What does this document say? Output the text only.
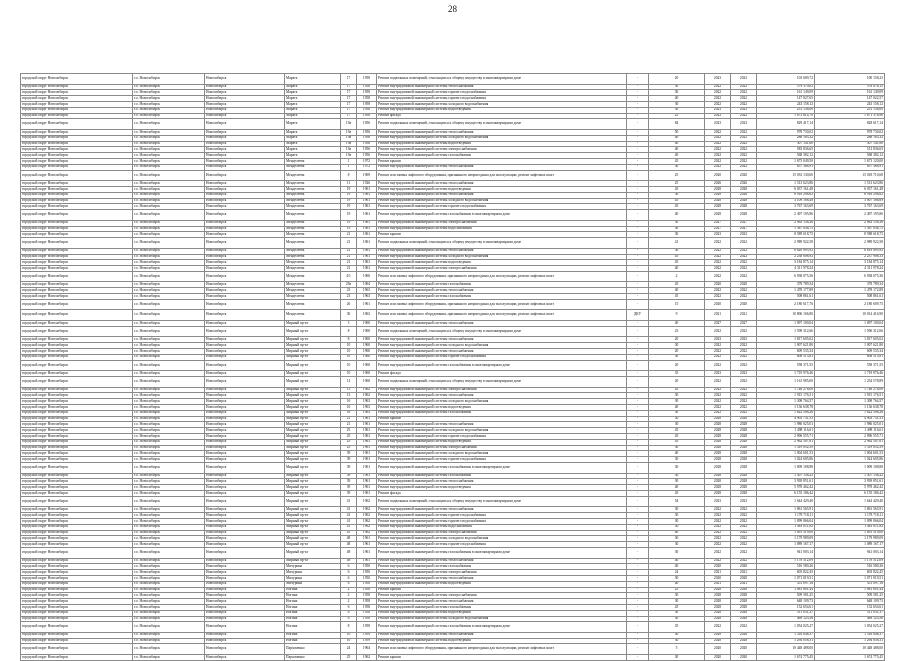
28
городской округ Новосибирск	г.о. Новосибирск	Новосибирск	Марата	17	1958	Ремонт подвальных помещений, относящихся к общему имуществу в многоквартирном доме	-	20	2023	2023	103 609,72	100 158,23
городской округ Новосибирск	г.о. Новосибирск	Новосибирск	Марата	17	1958	Ремонт внутридомовой инженерной системы теплоснабжения	-	30	2022	2022	579 370,02	578 078,15
городской округ Новосибирск	г.о. Новосибирск	Новосибирск	Марата	17	1958	Ремонт внутридомовой инженерной системы горячего водоснабжения	-	30	2022	2022	161 149,09	161 149,09
городской округ Новосибирск	г.о. Новосибирск	Новосибирск	Марата	17	1958	Ремонт внутридомовой инженерной системы горячего водоснабжения	-	40	2022	2022	147 027,65	147 022,57
городской округ Новосибирск	г.о. Новосибирск	Новосибирск	Марата	17	1958	Ремонт внутридомовой инженерной системы холодного водоснабжения	-	30	2022	2022	243 158,12	243 158,12
городской округ Новосибирск	г.о. Новосибирск	Новосибирск	Марата	17	1958	Ремонт внутридомовой инженерной системы водоотведения	-	30	2023	2023	231 136,00	231 136,00
городской округ Новосибирск	г.о. Новосибирск	Новосибирск	Марата	17	1958	Ремонт фасада	-	25	2022	2022	1 673 614,70	1 671 378,90
городской округ Новосибирск	г.о. Новосибирск	Новосибирск	Марата	19а	1956	Ремонт подвальных помещений, относящихся к общему имуществу в многоквартирном доме	-	84	2023	2023	829 417,14	828 617,14
городской округ Новосибирск	г.о. Новосибирск	Новосибирск	Марата	19а	1956	Ремонт внутридомовой инженерной системы теплоснабжения	-	50	2022	2022	978 730,02	978 730,02
городской округ Новосибирск	г.о. Новосибирск	Новосибирск	Марата	19а	1956	Ремонт внутридомовой инженерной системы холодного водоснабжения	-	40	2022	2022	288 183,32	288 183,32
городской округ Новосибирск	г.о. Новосибирск	Новосибирск	Марата	19а	1956	Ремонт внутридомовой инженерной системы водоотведения	-	40	2022	2022	307 141,80	307 141,80
городской округ Новосибирск	г.о. Новосибирск	Новосибирск	Марата	19а	1956	Ремонт внутридомовой инженерной системы электроснабжения	-	40	2022	2022	583 836,65	513 836,65
городской округ Новосибирск	г.о. Новосибирск	Новосибирск	Марата	19а	1956	Ремонт внутридомовой инженерной системы газоснабжения	-	40	2022	2022	568 382,12	568 382,12
городской округ Новосибирск	г.о. Новосибирск	Новосибирск	Менделеева	1	1972	Ремонт крыши	-	45	2022	2022	1 675 049,50	1 673 120,00
городской округ Новосибирск	г.о. Новосибирск	Новосибирск	Менделеева	1	1972	Ремонт внутридомовой инженерной системы теплоснабжения	-	30	2022	2022	857 368,91	857 368,91
городской округ Новосибирск	г.о. Новосибирск	Новосибирск	Менделеева	8	1969	Ремонт или замена лифтового оборудования, признанного непригодным для эксплуатации, ремонт лифтовых шахт	-	25	2020	2020	15 033 130,60	15 018 710,68
городской округ Новосибирск	г.о. Новосибирск	Новосибирск	Менделеева	11	1926	Ремонт внутридомовой инженерной системы теплоснабжения	-	25	2026	2026	1 513 623,86	1 513 623,86
городской округ Новосибирск	г.о. Новосибирск	Новосибирск	Менделеева	19	1961	Ремонт внутридомовой инженерной системы водоотведения	-	45	2028	2028	6 037 161,48	6 037 161,48
городской округ Новосибирск	г.о. Новосибирск	Новосибирск	Менделеева	19	1961	Ремонт внутридомовой инженерной системы теплоснабжения	-	30	2028	2028	6 918 298,62	6 918 298,62
городской округ Новосибирск	г.о. Новосибирск	Новосибирск	Менделеева	19	1961	Ремонт внутридомовой инженерной системы холодного водоснабжения	-	45	2028	2028	3 109 166,48	3 007 166,69
городской округ Новосибирск	г.о. Новосибирск	Новосибирск	Менделеева	19	1961	Ремонт внутридомовой инженерной системы горячего водоснабжения	-	45	2028	2028	3 767 163,69	3 767 163,69
городской округ Новосибирск	г.о. Новосибирск	Новосибирск	Менделеева	19	1961	Ремонт внутридомовой инженерной системы газоснабжения в многоквартирном доме	-	40	2028	2028	2 497 195,86	2 497 195,86
городской округ Новосибирск	г.о. Новосибирск	Новосибирск	Менделеева	19	1961	Ремонт внутридомовой инженерной системы электроснабжения	-	30	2027	2027	2 063 156,36	2 063 156,36
городской округ Новосибирск	г.о. Новосибирск	Новосибирск	Менделеева	19	1961	Ремонт внутридомовой инженерной системы водоснабжения	-	30	2027	2027	1 387 036,75	1 387 036,75
городской округ Новосибирск	г.о. Новосибирск	Новосибирск	Менделеева	21	1961	Ремонт крыши	-	30	2023	2023	8 589 618,75	8 588 618,75
городской округ Новосибирск	г.о. Новосибирск	Новосибирск	Менделеева	21	1961	Ремонт подвальных помещений, относящихся к общему имуществу в многоквартирном доме	-	41	2022	2022	2 989 922,58	2 989 922,58
городской округ Новосибирск	г.о. Новосибирск	Новосибирск	Менделеева	21	1961	Ремонт внутридомовой инженерной системы теплоснабжения	-	30	2022	2022	6 620 895,92	6 619 895,92
городской округ Новосибирск	г.о. Новосибирск	Новосибирск	Менделеева	21	1961	Ремонт внутридомовой инженерной системы холодного водоснабжения	-	45	2022	2022	2 238 008,92	2 237 908,33
городской округ Новосибирск	г.о. Новосибирск	Новосибирск	Менделеева	21	1961	Ремонт внутридомовой инженерной системы водоотведения	-	45	2022	2022	3 184 875,14	3 184 875,14
городской округ Новосибирск	г.о. Новосибирск	Новосибирск	Менделеева	21	1961	Ремонт внутридомовой инженерной системы электроснабжения	-	40	2022	2022	4 311 978,24	4 311 978,24
городской округ Новосибирск	г.о. Новосибирск	Новосибирск	Менделеева	4/1	1960	Ремонт или замена лифтового оборудования, признанного непригодным для эксплуатации, ремонт лифтовых шахт	-	2	2022	2022	6 938 075,36	6 938 075,36
городской округ Новосибирск	г.о. Новосибирск	Новосибирск	Менделеева	29а	1964	Ремонт внутридомовой инженерной системы газоснабжения	-	45	2020	2020	378 789,34	378 789,34
городской округ Новосибирск	г.о. Новосибирск	Новосибирск	Менделеева	23	1963	Ремонт внутридомовой инженерной системы теплоснабжения	-	40	2022	2022	1 478 177,89	1 478 172,89
городской округ Новосибирск	г.о. Новосибирск	Новосибирск	Менделеева	23	1963	Ремонт внутридомовой инженерной системы газоснабжения	-	45	2022	2022	508 861,61	508 861,61
городской округ Новосибирск	г.о. Новосибирск	Новосибирск	Менделеева	26	1961	Ремонт или замена лифтового оборудования, признанного непригодным для эксплуатации, ремонт лифтовых шахт	-	15	2020	2020	2 180 617,76	2 180 609,75
городской округ Новосибирск	г.о. Новосибирск	Новосибирск	Менделеева	30	1963	Ремонт или замена лифтового оборудования, признанного непригодным для эксплуатации, ремонт лифтовых шахт	ДКУ	9	2021	2021	10 806 106,80	10 014 416,90
городской округ Новосибирск	г.о. Новосибирск	Новосибирск	Мирный пр-кт	3	1960	Ремонт внутридомовой инженерной системы теплоснабжения	-	40	2027	2027	1 097 100,04	1 097 100,04
городской округ Новосибирск	г.о. Новосибирск	Новосибирск	Мирный пр-кт	8	1960	Ремонт подвальных помещений, относящихся к общему имуществу в многоквартирном доме	-	23	2022	2022	1 598 312,66	1 596 312,66
городской округ Новосибирск	г.о. Новосибирск	Новосибирск	Мирный пр-кт	8	1960	Ремонт внутридомовой инженерной системы теплоснабжения	-	20	2023	2023	1 817 605,02	1 817 605,02
городской округ Новосибирск	г.о. Новосибирск	Новосибирск	Мирный пр-кт	10	1960	Ремонт внутридомовой инженерной системы холодного водоснабжения	-	30	2022	2022	1 007 621,80	1 007 621,80
городской округ Новосибирск	г.о. Новосибирск	Новосибирск	Мирный пр-кт	10	1960	Ремонт внутридомовой инженерной системы теплоснабжения	-	20	2022	2022	609 535,34	609 535,34
городской округ Новосибирск	г.о. Новосибирск	Новосибирск	Мирный пр-кт	10	1960	Ремонт внутридомовой инженерной системы горячего водоснабжения	-	30	2022	2022	608 515,81	608 515,81
городской округ Новосибирск	г.о. Новосибирск	Новосибирск	Мирный пр-кт	10	1960	Ремонт внутридомовой инженерной системы газоснабжения в многоквартирном доме	-	20	2022	2022	558 371,55	558 371,55
городской округ Новосибирск	г.о. Новосибирск	Новосибирск	Мирный пр-кт	10	1960	Ремонт фасада	-	35	2023	2023	1 719 976,46	1 719 976,46
городской округ Новосибирск	г.о. Новосибирск	Новосибирск	Мирный пр-кт	12	1960	Ремонт подвальных помещений, относящихся к общему имуществу в многоквартирном доме	-	20	2022	2022	1 161 985,00	1 254 578,89
городской округ Новосибирск	г.о. Новосибирск	Новосибирск	Мирный пр-кт	13	1962	Ремонт внутридомовой инженерной системы электроснабжения	-	45	2022	2022	1 748 276,00	1 748 276,00
городской округ Новосибирск	г.о. Новосибирск	Новосибирск	Мирный пр-кт	13	1962	Ремонт внутридомовой инженерной системы теплоснабжения	-	30	2022	2022	1 915 176,51	1 915 176,51
городской округ Новосибирск	г.о. Новосибирск	Новосибирск	Мирный пр-кт	16	1963	Ремонт внутридомовой инженерной системы холодного водоснабжения	-	30	2022	2022	1 308 764,57	1 308 764,57
городской округ Новосибирск	г.о. Новосибирск	Новосибирск	Мирный пр-кт	16	1963	Ремонт внутридомовой инженерной системы водоотведения	-	40	2022	2022	1 136 638,78	1 136 638,78
городской округ Новосибирск	г.о. Новосибирск	Новосибирск	Мирный пр-кт	16	1963	Ремонт внутридомовой инженерной системы газоснабжения	-	30	2022	2022	1 622 506,26	1 622 506,26
городской округ Новосибирск	г.о. Новосибирск	Новосибирск	Мирный пр-кт	21	1961	Ремонт крыши	-	30	2028	2028	4 903 731,53	4 903 731,53
городской округ Новосибирск	г.о. Новосибирск	Новосибирск	Мирный пр-кт	21	1961	Ремонт внутридомовой инженерной системы теплоснабжения	-	30	2028	2028	1 986 025,01	1 986 025,01
городской округ Новосибирск	г.о. Новосибирск	Новосибирск	Мирный пр-кт	25	1961	Ремонт внутридомовой инженерной системы холодного водоснабжения	-	45	2028	2028	1 498 116,61	1 498 116,61
городской округ Новосибирск	г.о. Новосибирск	Новосибирск	Мирный пр-кт	25	1961	Ремонт внутридомовой инженерной системы горячего водоснабжения	-	45	2028	2028	2 096 555,71	2 096 555,71
городской округ Новосибирск	г.о. Новосибирск	Новосибирск	Мирный пр-кт	25	1961	Ремонт внутридомовой инженерной системы водоотведения	-	45	2028	2028	2 962 507,61	2 962 507,61
городской округ Новосибирск	г.о. Новосибирск	Новосибирск	Мирный пр-кт	25	1961	Ремонт внутридомовой инженерной системы электроснабжения	-	30	2028	2028	1 319 052,59	1 319 052,59
городской округ Новосибирск	г.о. Новосибирск	Новосибирск	Мирный пр-кт	39	1961	Ремонт внутридомовой инженерной системы холодного водоснабжения	-	40	2028	2028	1 004 601,53	1 004 601,53
городской округ Новосибирск	г.о. Новосибирск	Новосибирск	Мирный пр-кт	39	1961	Ремонт внутридомовой инженерной системы горячего водоснабжения	-	30	2028	2028	1 024 605,86	1 024 605,86
городской округ Новосибирск	г.о. Новосибирск	Новосибирск	Мирный пр-кт	39	1961	Ремонт внутридомовой инженерной системы газоснабжения в многоквартирном доме	-	30	2028	2028	1 009 108,88	1 009 108,88
городской округ Новосибирск	г.о. Новосибирск	Новосибирск	Мирный пр-кт	39	1961	Ремонт внутридомовой инженерной системы газоснабжения	-	30	2028	2028	1 307 136,22	1 307 136,22
городской округ Новосибирск	г.о. Новосибирск	Новосибирск	Мирный пр-кт	39	1961	Ремонт внутридомовой инженерной системы теплоснабжения	-	30	2028	2028	3 939 851,61	3 939 851,61
городской округ Новосибирск	г.о. Новосибирск	Новосибирск	Мирный пр-кт	39	1961	Ремонт внутридомовой инженерной системы водоотведения	-	40	2028	2028	5 978 462,42	5 978 462,42
городской округ Новосибирск	г.о. Новосибирск	Новосибирск	Мирный пр-кт	39	1961	Ремонт фасада	-	45	2028	2028	6 155 186,42	6 155 186,42
городской округ Новосибирск	г.о. Новосибирск	Новосибирск	Мирный пр-кт	41	1962	Ремонт подвальных помещений, относящихся к общему имуществу в многоквартирном доме	-	54	2023	2023	1 644 429,40	1 644 429,40
городской округ Новосибирск	г.о. Новосибирск	Новосибирск	Мирный пр-кт	41	1962	Ремонт внутридомовой инженерной системы теплоснабжения	-	30	2022	2022	1 861 565,91	1 861 565,91
городской округ Новосибирск	г.о. Новосибирск	Новосибирск	Мирный пр-кт	41	1962	Ремонт внутридомовой инженерной системы горячего водоснабжения	-	30	2022	2022	1 178 718,11	1 178 718,11
городской округ Новосибирск	г.о. Новосибирск	Новосибирск	Мирный пр-кт	41	1962	Ремонт внутридомовой инженерной системы горячего водоснабжения	-	30	2022	2022	1 099 066,04	1 099 066,04
городской округ Новосибирск	г.о. Новосибирск	Новосибирск	Мирный пр-кт	41	1962	Ремонт внутридомовой инженерной системы водоснабжения	-	30	2022	2022	1 481 011,82	1 481 011,82
городской округ Новосибирск	г.о. Новосибирск	Новосибирск	Мирный пр-кт	41	1962	Ремонт внутридомовой инженерной системы электроснабжения	-	40	2022	2022	1 091 519,00	1 091 519,00
городской округ Новосибирск	г.о. Новосибирск	Новосибирск	Мирный пр-кт	48	1961	Ремонт внутридомовой инженерной системы холодного водоснабжения	-	30	2022	2022	1 179 989,09	1 179 989,09
городской округ Новосибирск	г.о. Новосибирск	Новосибирск	Мирный пр-кт	48	1961	Ремонт внутридомовой инженерной системы горячего водоснабжения	-	30	2022	2022	1 089 167,17	1 089 167,17
городской округ Новосибирск	г.о. Новосибирск	Новосибирск	Мирный пр-кт	48	1961	Ремонт внутридомовой инженерной системы газоснабжения в многоквартирном доме	-	30	2022	2022	941 003,14	941 003,14
городской округ Новосибирск	г.о. Новосибирск	Новосибирск	Мирный пр-кт	48	1961	Ремонт внутридомовой инженерной системы теплоснабжения	-	40	2022	2022	1 178 512,09	1 178 512,09
городской округ Новосибирск	г.о. Новосибирск	Новосибирск	Мичурина	6	1950	Ремонт внутридомовой инженерной системы газоснабжения	-	40	2020	2020	516 580,26	516 580,26
городской округ Новосибирск	г.о. Новосибирск	Новосибирск	Мичурина	6	1950	Ремонт внутридомовой инженерной системы электроснабжения	-	24	2021	2021	603 822,45	603 822,45
городской округ Новосибирск	г.о. Новосибирск	Новосибирск	Мичурина	6	1950	Ремонт внутридомовой инженерной системы теплоснабжения	-	30	2020	2020	1 071 019,51	1 071 019,51
городской округ Новосибирск	г.о. Новосибирск	Новосибирск	Мичурина	6	1950	Ремонт внутридомовой инженерной системы водоотведения	-	40	2021	2021	351 097,18	351 097,18
городской округ Новосибирск	г.о. Новосибирск	Новосибирск	Ногина	2	1958	Ремонт крыши	-	25	2028	2028	1 081 801,44	1 081 801,44
городской округ Новосибирск	г.о. Новосибирск	Новосибирск	Ногина	2	1958	Ремонт внутридомовой инженерной системы электроснабжения	-	30	2028	2028	509 581,25	509 581,25
городской округ Новосибирск	г.о. Новосибирск	Новосибирск	Ногина	2	1958	Ремонт внутридомовой инженерной системы теплоснабжения	-	30	2028	2028	648 109,73	648 109,73
городской округ Новосибирск	г.о. Новосибирск	Новосибирск	Ногина	6	1958	Ремонт внутридомовой инженерной системы газоснабжения	-	45	2028	2028	152 654,61	152 654,61
городской округ Новосибирск	г.о. Новосибирск	Новосибирск	Ногина	6	1958	Ремонт внутридомовой инженерной системы водоотведения	-	30	2028	2028	511 031,37	511 031,37
городской округ Новосибирск	г.о. Новосибирск	Новосибирск	Ногина	6	1958	Ремонт внутридомовой инженерной системы холодного водоснабжения	-	30	2028	2028	469 123,56	469 123,56
городской округ Новосибирск	г.о. Новосибирск	Новосибирск	Ногина	8	1958	Ремонт внутридомовой инженерной системы газоснабжения в многоквартирном доме	-	35	2022	2022	1 054 025,27	1 054 025,27
городской округ Новосибирск	г.о. Новосибирск	Новосибирск	Ногина	10	1959	Ремонт внутридомовой инженерной системы теплоснабжения	-	30	2028	2028	1 316 648,37	1 316 648,37
городской округ Новосибирск	г.о. Новосибирск	Новосибирск	Ногина	10	1959	Ремонт внутридомовой инженерной системы водоотведения	-	30	2028	2028	1 294 058,31	1 294 058,31
городской округ Новосибирск	г.о. Новосибирск	Новосибирск	Пархоменко	24	1964	Ремонт или замена лифтового оборудования, признанного непригодным для эксплуатации, ремонт лифтовых шахт	-	5	2020	2020	10 448 488,00	10 448 488,00
городской округ Новосибирск	г.о. Новосибирск	Новосибирск	Пархоменко	25	1962	Ремонт крыши	-	30	2020	2020	1 674 775,45	1 674 775,45
